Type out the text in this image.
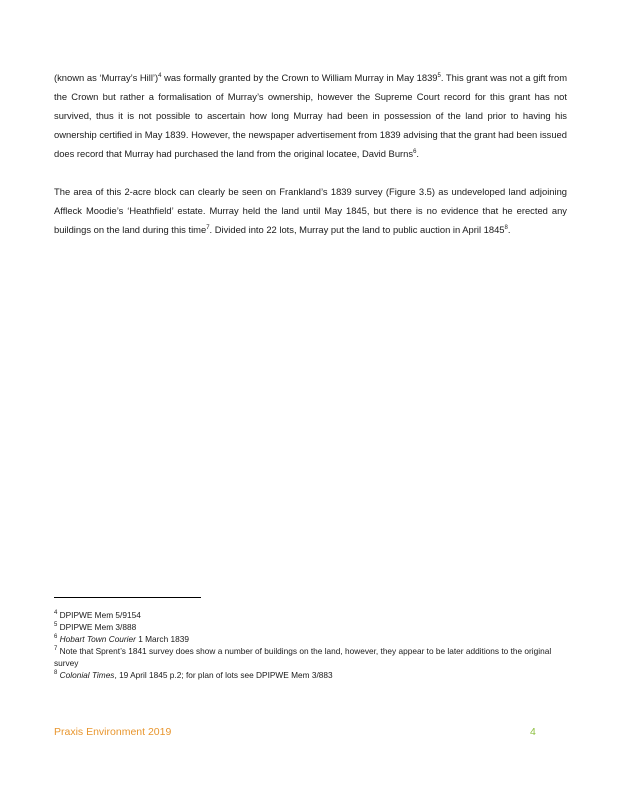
(known as ‘Murray’s Hill’)$^4$ was formally granted by the Crown to William Murray in May 1839$^5$. This grant was not a gift from the Crown but rather a formalisation of Murray’s ownership, however the Supreme Court record for this grant has not survived, thus it is not possible to ascertain how long Murray had been in possession of the land prior to having his ownership certified in May 1839. However, the newspaper advertisement from 1839 advising that the grant had been issued does record that Murray had purchased the land from the original locatee, David Burns$^6$.

The area of this 2-acre block can clearly be seen on Frankland’s 1839 survey (Figure 3.5) as undeveloped land adjoining Affleck Moodie’s ‘Heathfield’ estate. Murray held the land until May 1845, but there is no evidence that he erected any buildings on the land during this time$^7$. Divided into 22 lots, Murray put the land to public auction in April 1845$^8$.

$^4$ DPIPWE Mem 5/9154

$^5$ DPIPWE Mem 3/888

$^6$ Hobart Town Courier 1 March 1839

$^7$ Note that Sprent’s 1841 survey does show a number of buildings on the land, however, they appear to be later additions to the original survey

$^8$ Colonial Times, 19 April 1845 p.2; for plan of lots see DPIPWE Mem 3/883

Praxis Environment 2019	4
